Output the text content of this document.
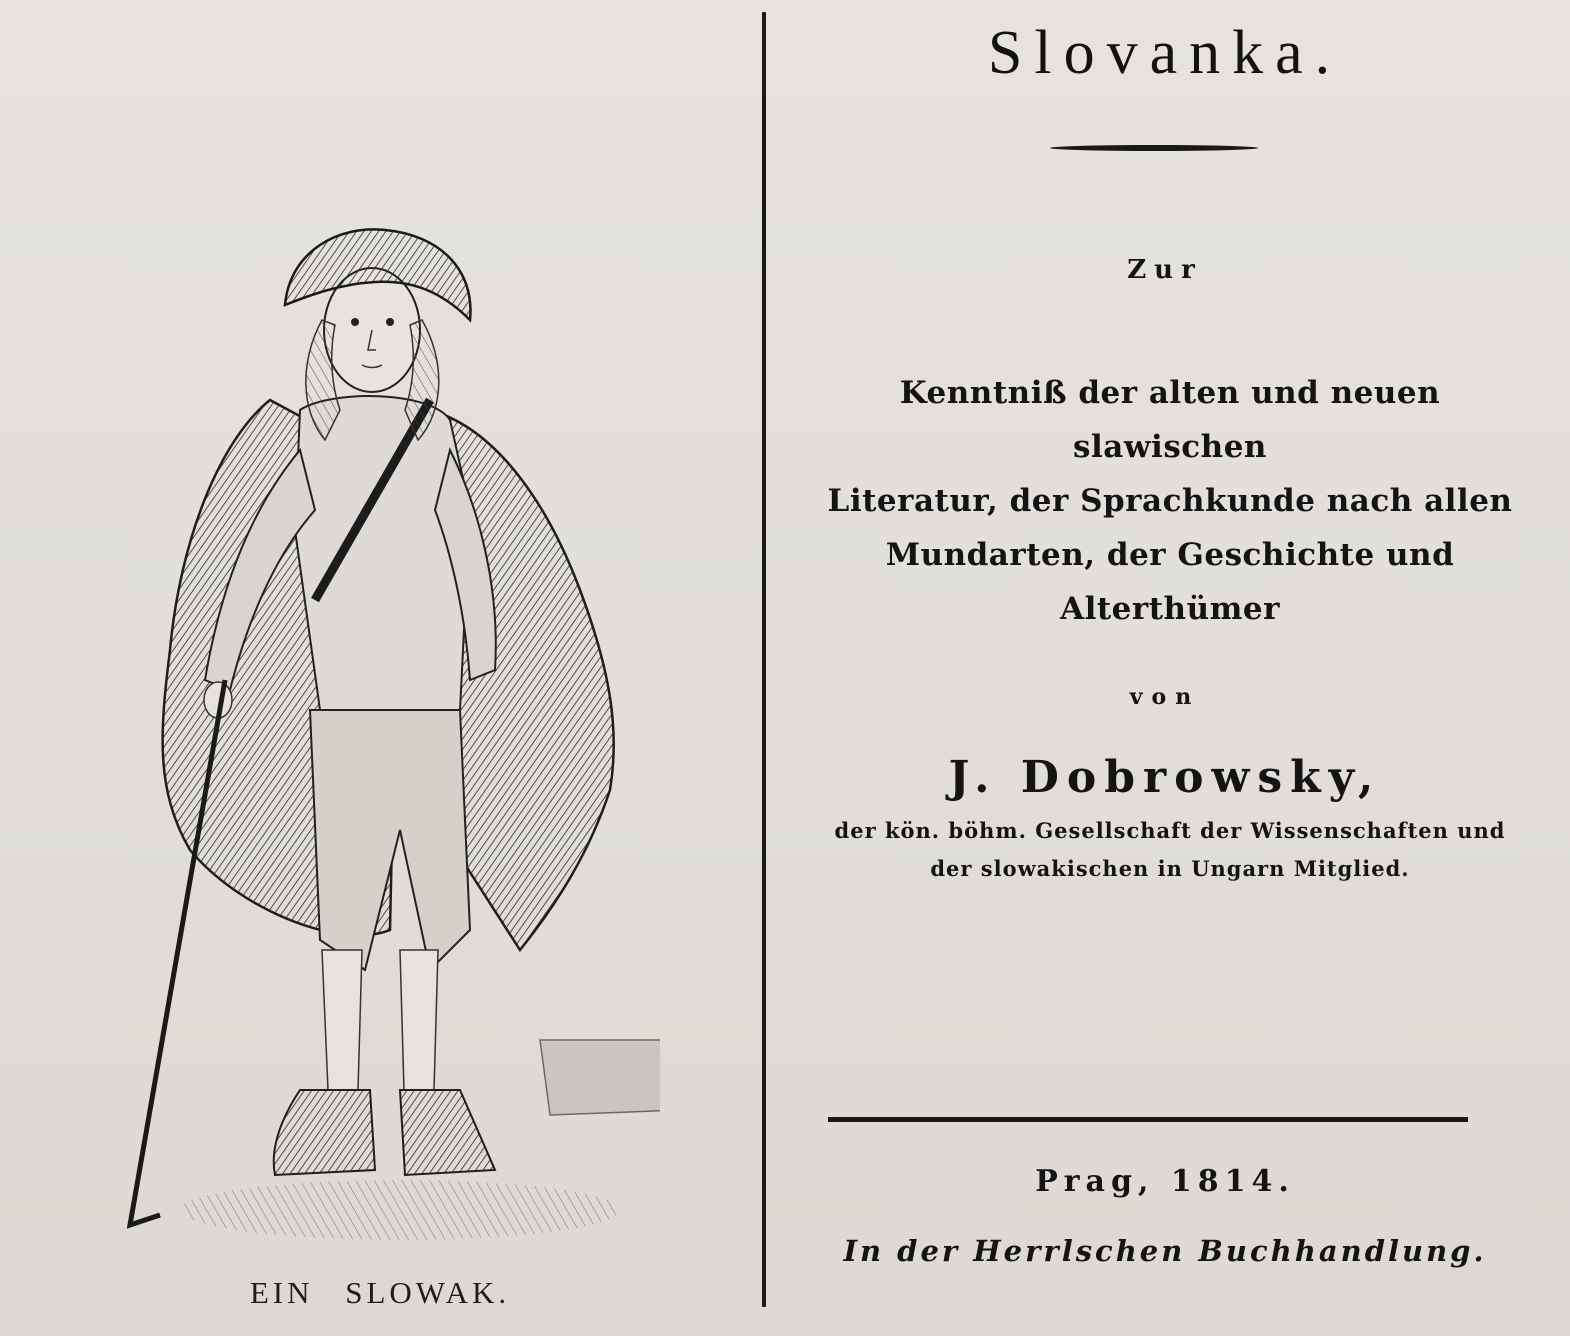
EIN SLOWAK.
Slovanka.
Zur
Kenntniß der alten und neuen slawischen
Literatur, der Sprachkunde nach allen
Mundarten, der Geschichte und
Alterthümer
von
J. Dobrowsky,
der kön. böhm. Gesellschaft der Wissenschaften und
der slowakischen in Ungarn Mitglied.
Prag, 1814.
In der Herrlschen Buchhandlung.
